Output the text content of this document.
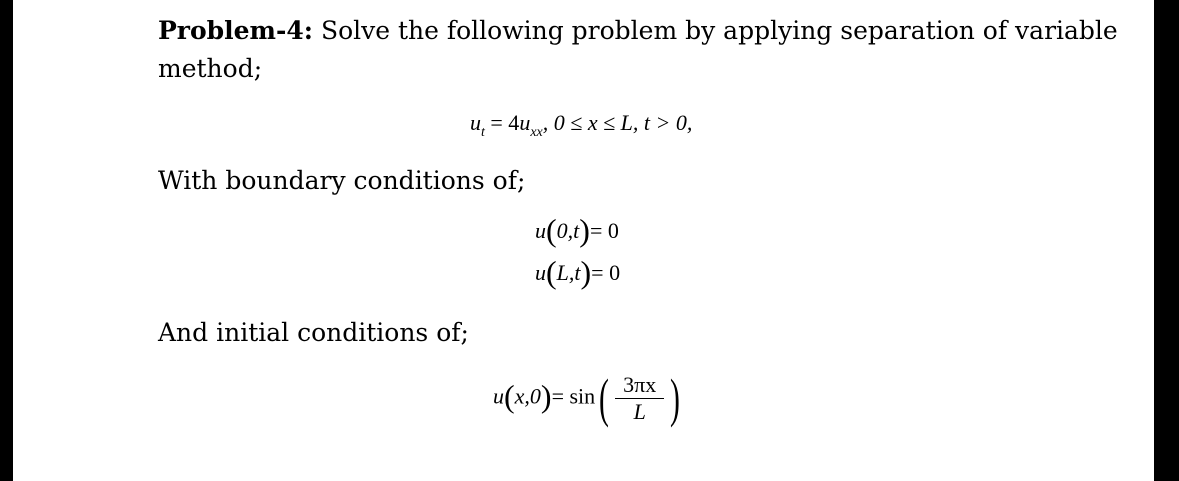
Problem-4: Solve the following problem by applying separation of variable
method;
$u_t = 4u_{xx}$, 0 ≤ x ≤ L, t > 0,
With boundary conditions of;
u(0,t)= 0
u(L,t)= 0
And initial conditions of;
$u(x,0)= \sin( \frac{3\pi x}{L}$ )
